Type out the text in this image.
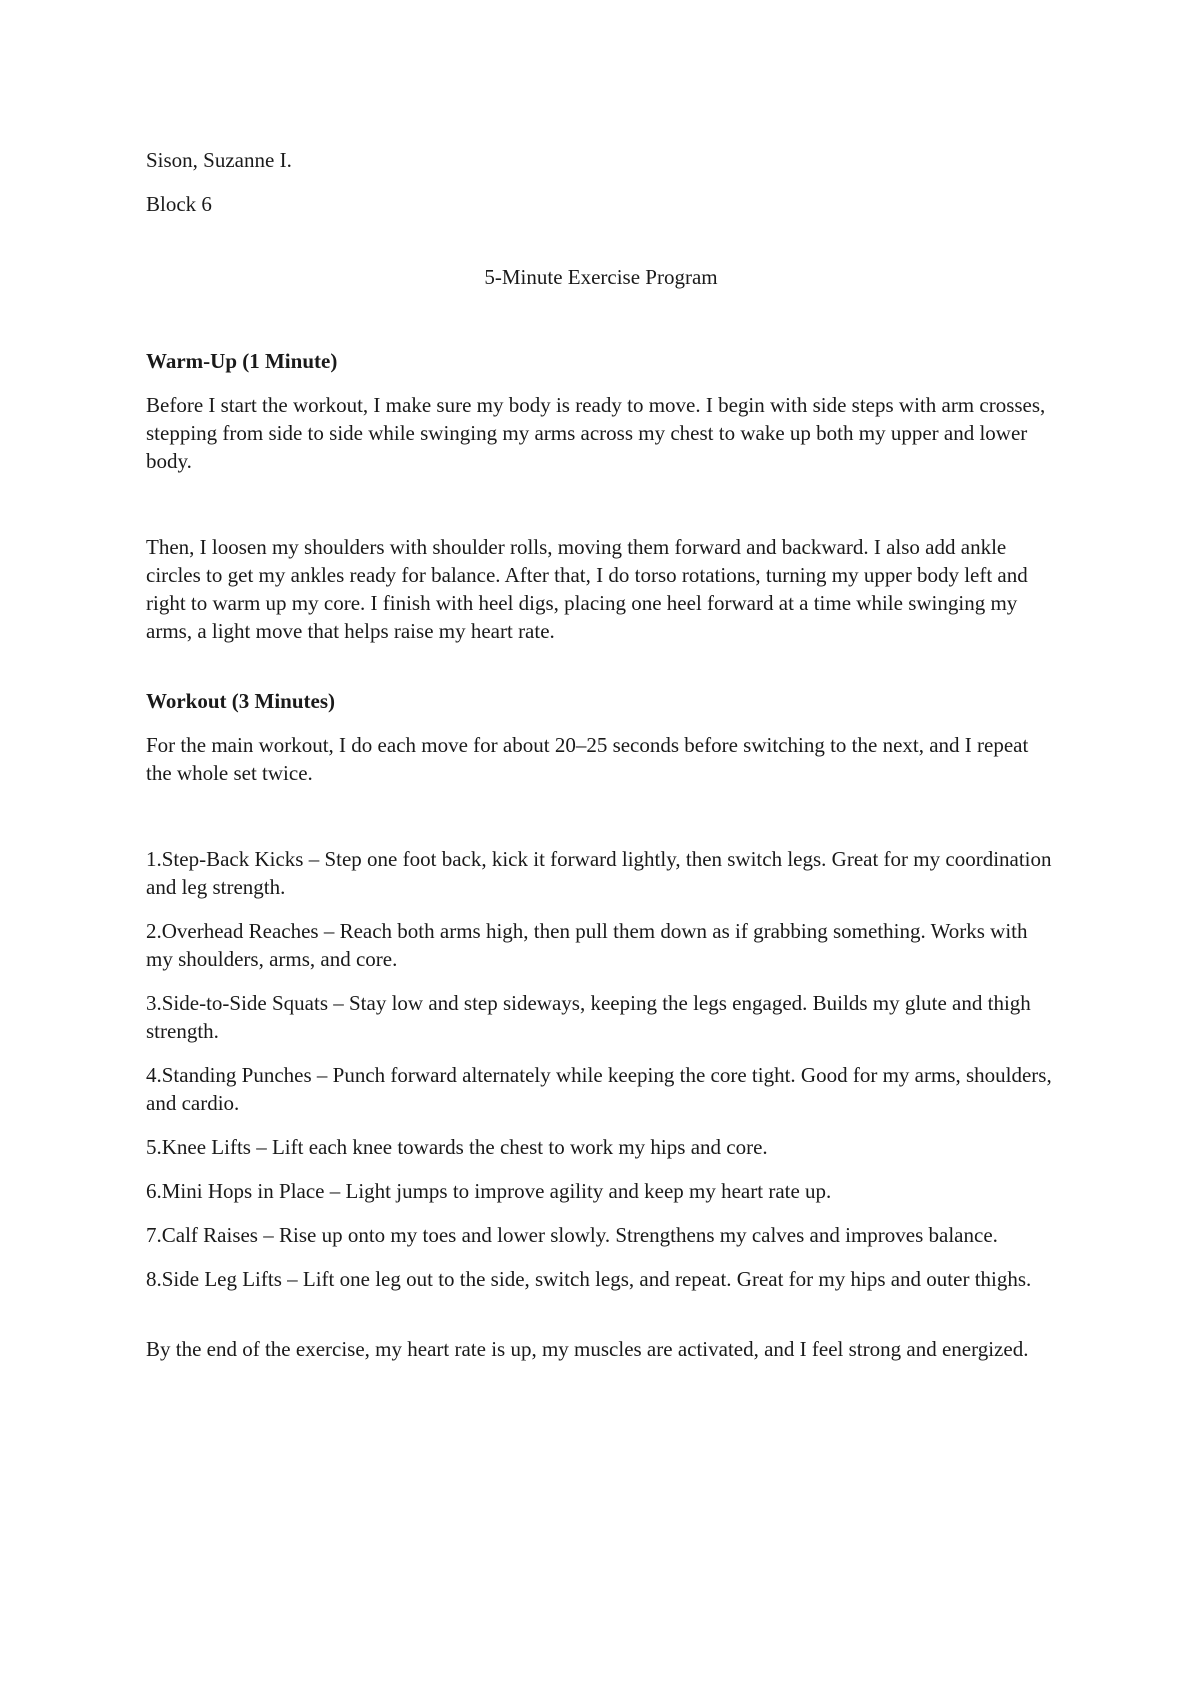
Sison, Suzanne I.

Block 6

5-Minute Exercise Program

Warm-Up (1 Minute)

Before I start the workout, I make sure my body is ready to move. I begin with side steps with arm crosses, stepping from side to side while swinging my arms across my chest to wake up both my upper and lower body.

Then, I loosen my shoulders with shoulder rolls, moving them forward and backward. I also add ankle circles to get my ankles ready for balance. After that, I do torso rotations, turning my upper body left and right to warm up my core. I finish with heel digs, placing one heel forward at a time while swinging my arms, a light move that helps raise my heart rate.

Workout (3 Minutes)

For the main workout, I do each move for about 20–25 seconds before switching to the next, and I repeat the whole set twice.

1.Step-Back Kicks – Step one foot back, kick it forward lightly, then switch legs. Great for my coordination and leg strength.

2.Overhead Reaches – Reach both arms high, then pull them down as if grabbing something. Works with my shoulders, arms, and core.

3.Side-to-Side Squats – Stay low and step sideways, keeping the legs engaged. Builds my glute and thigh strength.

4.Standing Punches – Punch forward alternately while keeping the core tight. Good for my arms, shoulders, and cardio.

5.Knee Lifts – Lift each knee towards the chest to work my hips and core.

6.Mini Hops in Place – Light jumps to improve agility and keep my heart rate up.

7.Calf Raises – Rise up onto my toes and lower slowly. Strengthens my calves and improves balance.

8.Side Leg Lifts – Lift one leg out to the side, switch legs, and repeat. Great for my hips and outer thighs.

By the end of the exercise, my heart rate is up, my muscles are activated, and I feel strong and energized.
